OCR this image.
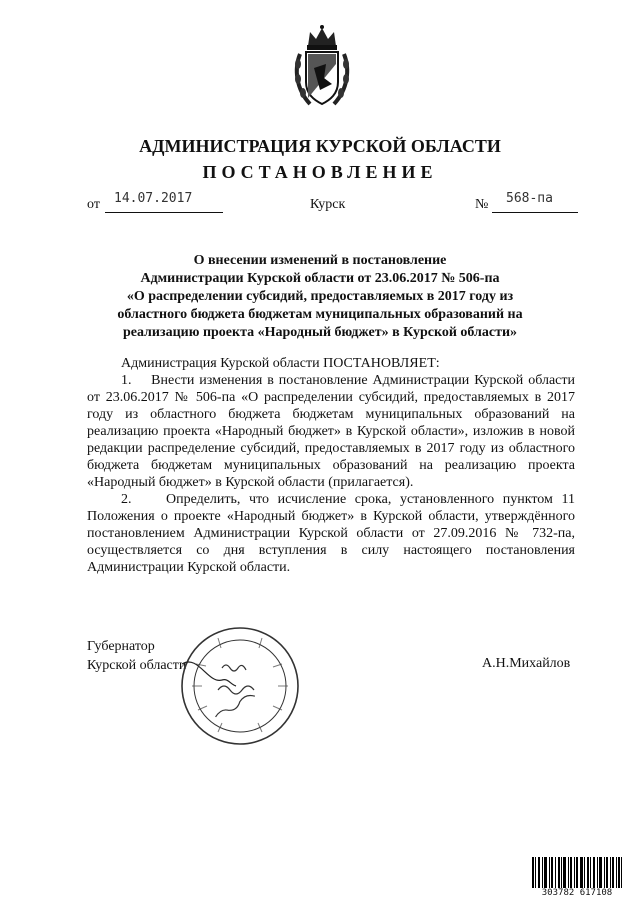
АДМИНИСТРАЦИЯ КУРСКОЙ ОБЛАСТИ
ПОСТАНОВЛЕНИЕ
от 14.07.2017	Курск	№ 568-па
О внесении изменений в постановление
Администрации Курской области от 23.06.2017 № 506-па
«О распределении субсидий, предоставляемых в 2017 году из
областного бюджета бюджетам муниципальных образований на
реализацию проекта «Народный бюджет» в Курской области»

Администрация Курской области ПОСТАНОВЛЯЕТ:

1.    Внести изменения в постановление Администрации Курской области от 23.06.2017 № 506-па «О распределении субсидий, предоставляемых в 2017 году из областного бюджета бюджетам муниципальных образований на реализацию проекта «Народный бюджет» в Курской области», изложив в новой редакции распределение субсидий, предоставляемых в 2017 году из областного бюджета бюджетам муниципальных образований на реализацию проекта «Народный бюджет» в Курской области (прилагается).

2.    Определить, что исчисление срока, установленного пунктом 11 Положения о проекте «Народный бюджет» в Курской области, утверждённого постановлением Администрации Курской области от 27.09.2016 № 732-па, осуществляется со дня вступления в силу настоящего постановления Администрации Курской области.

Губернатор
Курской области	А.Н.Михайлов
303782 617108
